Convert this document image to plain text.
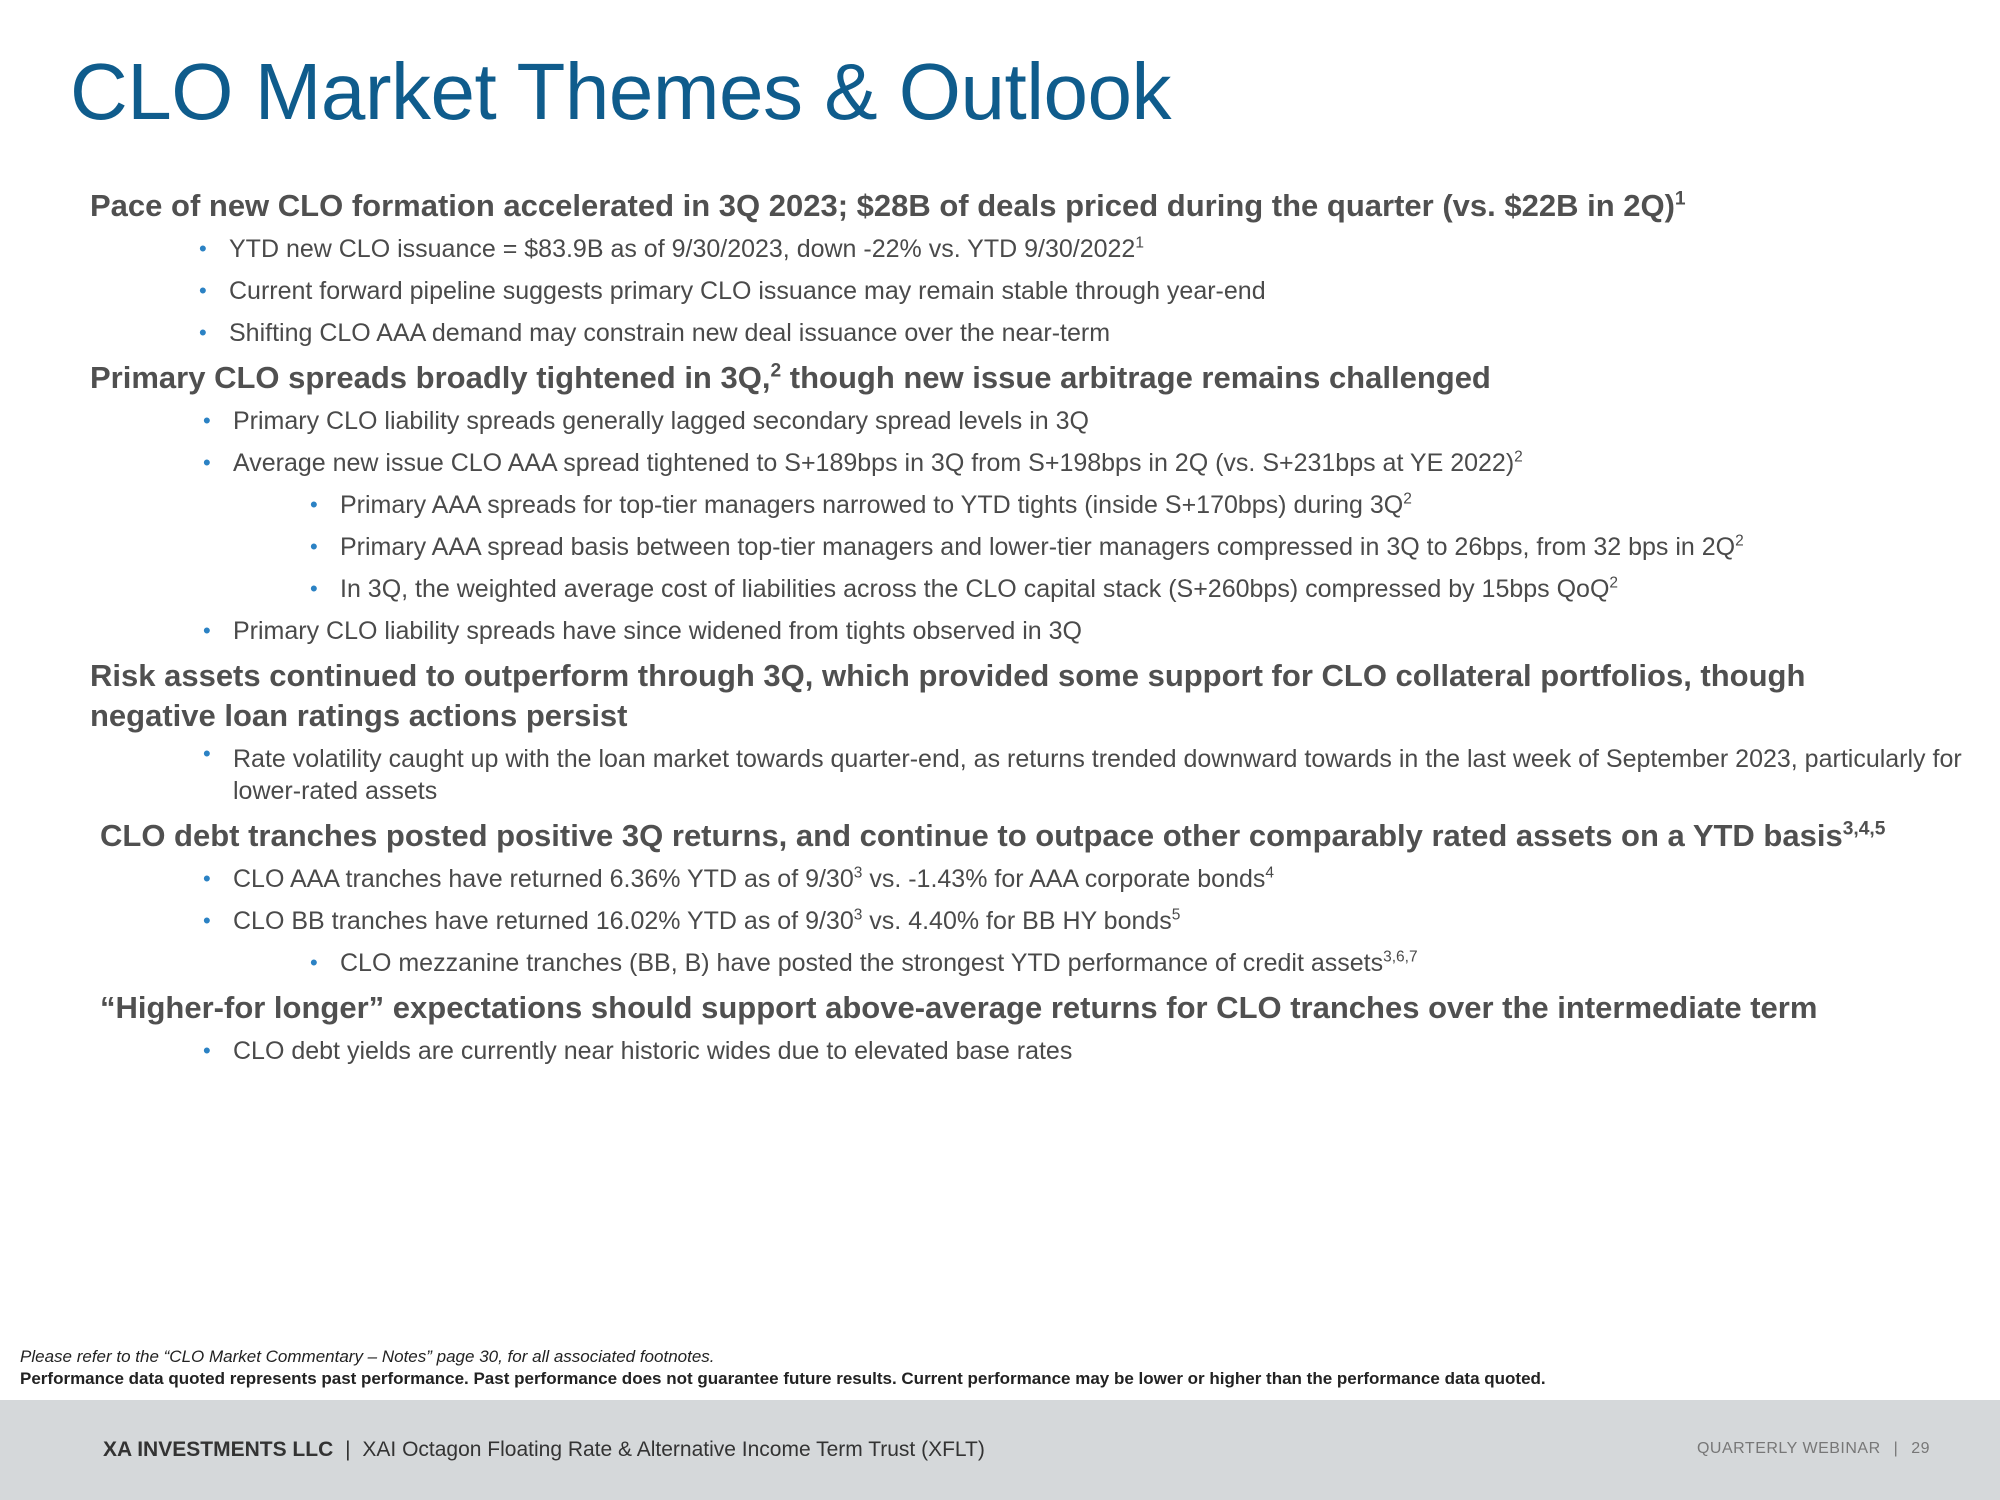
CLO Market Themes & Outlook

Pace of new CLO formation accelerated in 3Q 2023; $28B of deals priced during the quarter (vs. $22B in 2Q)$^1$

• YTD new CLO issuance = $83.9B as of 9/30/2023, down -22% vs. YTD 9/30/2022$^1$
• Current forward pipeline suggests primary CLO issuance may remain stable through year-end
• Shifting CLO AAA demand may constrain new deal issuance over the near-term

Primary CLO spreads broadly tightened in 3Q,$^2$ though new issue arbitrage remains challenged

• Primary CLO liability spreads generally lagged secondary spread levels in 3Q
• Average new issue CLO AAA spread tightened to S+189bps in 3Q from S+198bps in 2Q (vs. S+231bps at YE 2022)$^2$
• Primary AAA spreads for top-tier managers narrowed to YTD tights (inside S+170bps) during $3Q^2$
• Primary AAA spread basis between top-tier managers and lower-tier managers compressed in 3Q to 26bps, from 32 bps in $2Q^2$
• In 3Q, the weighted average cost of liabilities across the CLO capital stack (S+260bps) compressed by 15bps QoQ$^2$
• Primary CLO liability spreads have since widened from tights observed in 3Q

Risk assets continued to outperform through 3Q, which provided some support for CLO collateral portfolios, though negative loan ratings actions persist

• Rate volatility caught up with the loan market towards quarter-end, as returns trended downward towards in the last week of September 2023, particularly for lower-rated assets

CLO debt tranches posted positive 3Q returns, and continue to outpace other comparably rated assets on a YTD basis$^{3,4,5}$

• CLO AAA tranches have returned 6.36% YTD as of $9/30^3$ vs. -1.43% for AAA corporate bonds$^4$
• CLO BB tranches have returned 16.02% YTD as of $9/30^3$ vs. 4.40% for BB HY bonds$^5$
• CLO mezzanine tranches (BB, B) have posted the strongest YTD performance of credit assets$^{3,6,7}$

“Higher-for longer” expectations should support above-average returns for CLO tranches over the intermediate term

• CLO debt yields are currently near historic wides due to elevated base rates
Please refer to the “CLO Market Commentary – Notes” page 30, for all associated footnotes.
Performance data quoted represents past performance. Past performance does not guarantee future results. Current performance may be lower or higher than the performance data quoted.
XA INVESTMENTS LLC | XAI Octagon Floating Rate & Alternative Income Term Trust (XFLT)	QUARTERLY WEBINAR | 29
